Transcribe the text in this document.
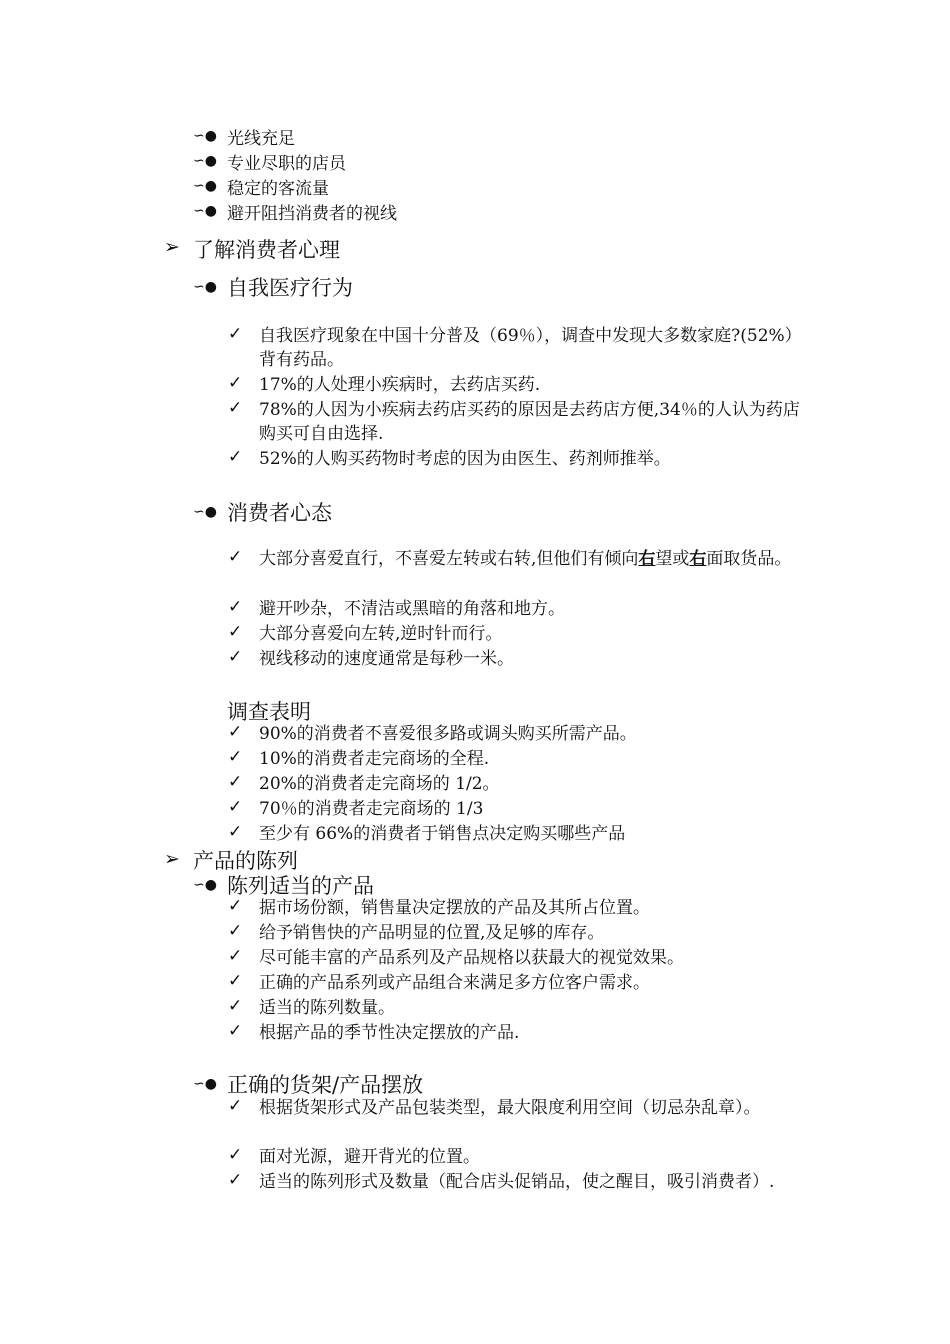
∽● 光线充足
∽● 专业尽职的店员
∽● 稳定的客流量
∽● 避开阻挡消费者的视线
➢ 了解消费者心理
∽● 自我医疗行为
✓ 自我医疗现象在中国十分普及（69％），调查中发现大多数家庭?(52%）背有药品。
✓ 17%的人处理小疾病时，去药店买药.
✓ 78%的人因为小疾病去药店买药的原因是去药店方便,34％的人认为药店购买可自由选择.
✓ 52%的人购买药物时考虑的因为由医生、药剂师推举。
∽● 消费者心态
✓ 大部分喜爱直行，不喜爱左转或右转,但他们有倾向右望或右面取货品。
✓ 避开吵杂，不清洁或黑暗的角落和地方。
✓ 大部分喜爱向左转,逆时针而行。
✓ 视线移动的速度通常是每秒一米。
调查表明
✓ 90%的消费者不喜爱很多路或调头购买所需产品。
✓ 10%的消费者走完商场的全程.
✓ 20%的消费者走完商场的 1/2。
✓ 70％的消费者走完商场的 1/3
✓ 至少有 66%的消费者于销售点决定购买哪些产品
➢ 产品的陈列
∽● 陈列适当的产品
✓ 据市场份额，销售量决定摆放的产品及其所占位置。
✓ 给予销售快的产品明显的位置,及足够的库存。
✓ 尽可能丰富的产品系列及产品规格以获最大的视觉效果。
✓ 正确的产品系列或产品组合来满足多方位客户需求。
✓ 适当的陈列数量。
✓ 根据产品的季节性决定摆放的产品.
∽● 正确的货架/产品摆放
✓ 根据货架形式及产品包装类型，最大限度利用空间（切忌杂乱章）。
✓ 面对光源，避开背光的位置。
✓ 适当的陈列形式及数量（配合店头促销品，使之醒目，吸引消费者）.
